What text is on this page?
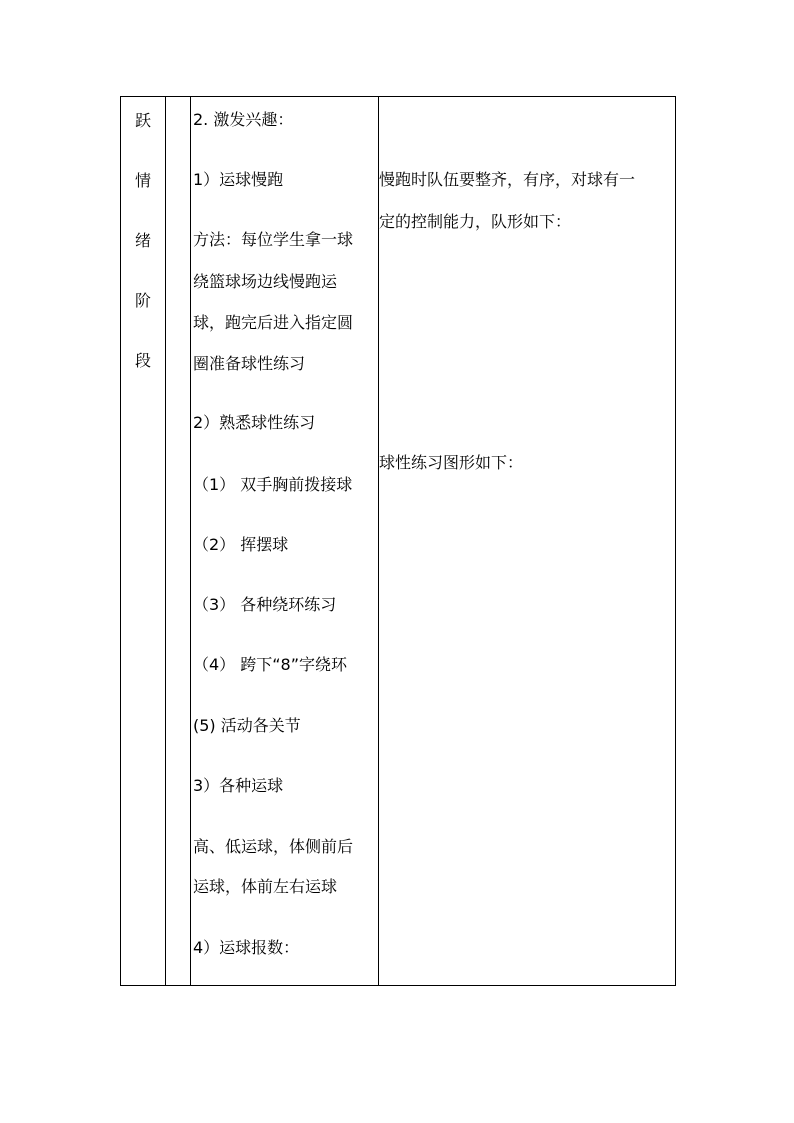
跃
情
绪
阶
段
2. 激发兴趣：
1）运球慢跑
方法：每位学生拿一球
绕篮球场边线慢跑运
球，跑完后进入指定圆
圈准备球性练习
2）熟悉球性练习
（1） 双手胸前拨接球
（2） 挥摆球
（3） 各种绕环练习
（4） 跨下“8”字绕环
(5) 活动各关节
3）各种运球
高、低运球，体侧前后
运球，体前左右运球
4）运球报数：
慢跑时队伍要整齐，有序，对球有一
定的控制能力，队形如下：
球性练习图形如下：
